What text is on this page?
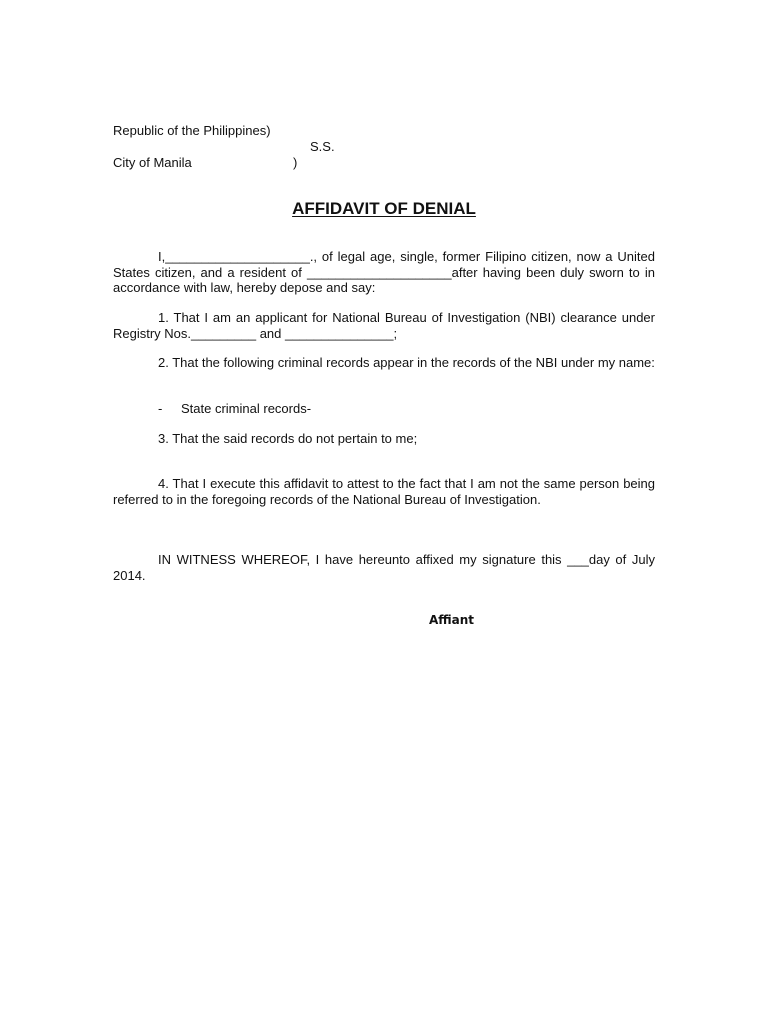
Republic of the Philippines)
S.S.
City of Manila	)
AFFIDAVIT OF DENIAL
I,____________________., of legal age, single, former Filipino citizen, now a United States citizen, and a resident of ____________________after having been duly sworn to in accordance with law, hereby depose and say:
1. That I am an applicant for National Bureau of Investigation (NBI) clearance under Registry Nos._________ and _______________;
2. That the following criminal records appear in the records of the NBI under my name:
- State criminal records-
3. That the said records do not pertain to me;
4. That I execute this affidavit to attest to the fact that I am not the same person being referred to in the foregoing records of the National Bureau of Investigation.
IN WITNESS WHEREOF, I have hereunto affixed my signature this ___day of July 2014.
Affiant
